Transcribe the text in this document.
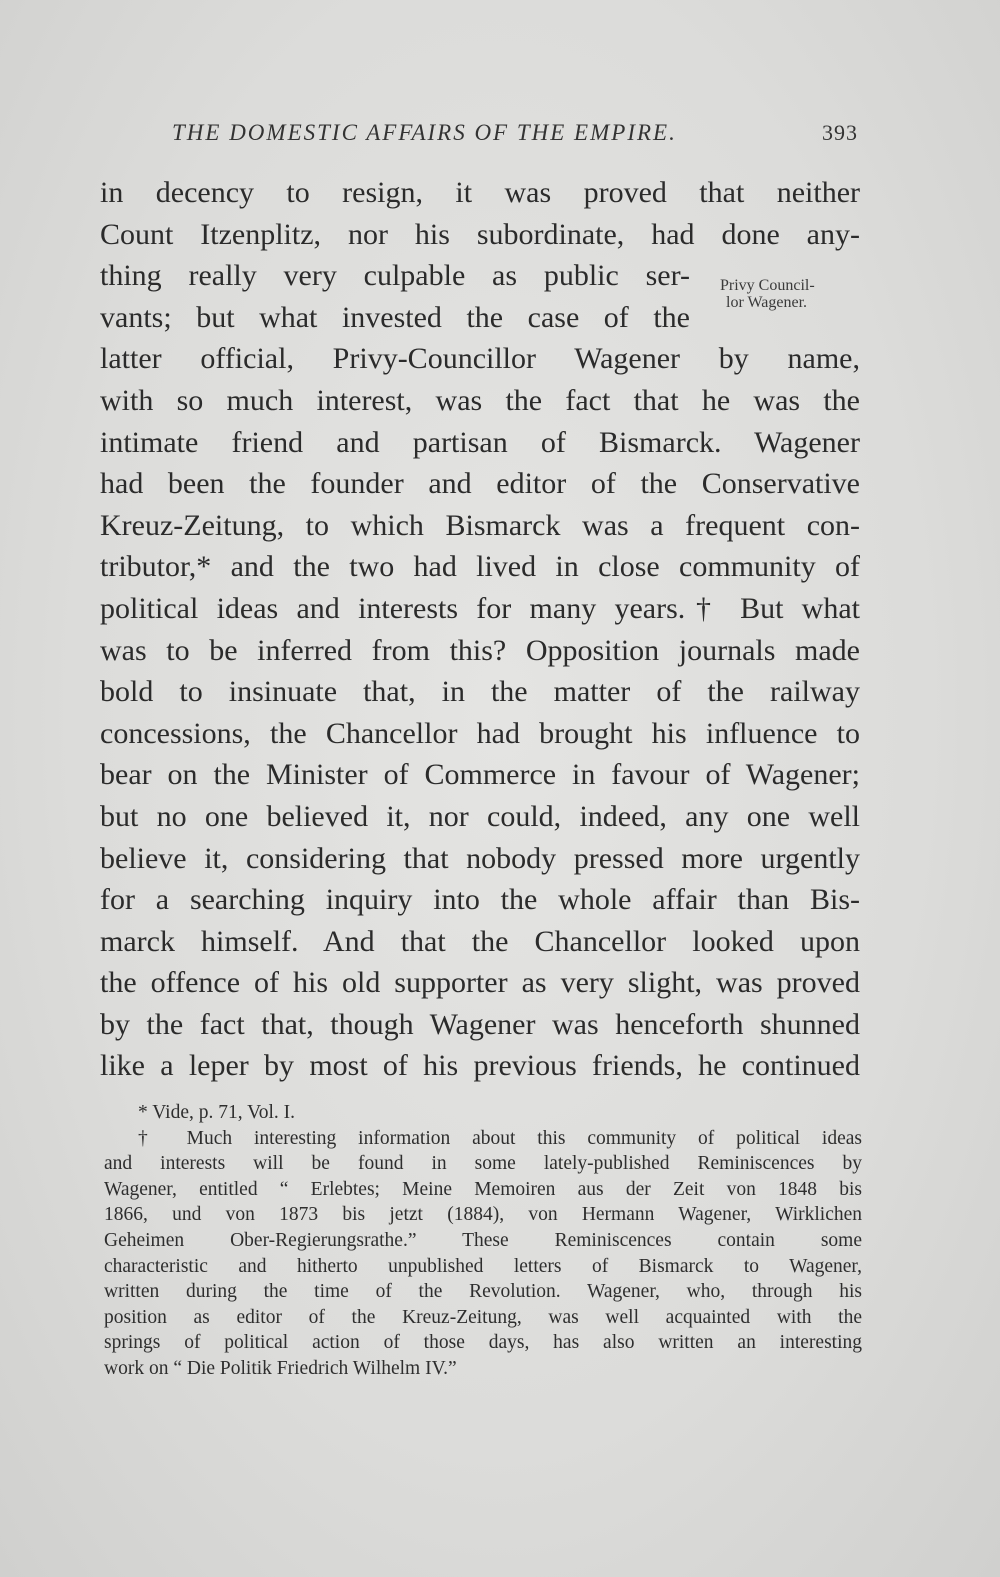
THE DOMESTIC AFFAIRS OF THE EMPIRE.	393
Privy Council-
lor Wagener.
in decency to resign, it was proved that neither
Count Itzenplitz, nor his subordinate, had done any-
thing really very culpable as public ser-
vants; but what invested the case of the
latter official, Privy-Councillor Wagener by name,
with so much interest, was the fact that he was the
intimate friend and partisan of Bismarck. Wagener
had been the founder and editor of the Conservative
Kreuz-Zeitung, to which Bismarck was a frequent con-
tributor,* and the two had lived in close community of
political ideas and interests for many years.† But what
was to be inferred from this? Opposition journals made
bold to insinuate that, in the matter of the railway
concessions, the Chancellor had brought his influence to
bear on the Minister of Commerce in favour of Wagener;
but no one believed it, nor could, indeed, any one well
believe it, considering that nobody pressed more urgently
for a searching inquiry into the whole affair than Bis-
marck himself. And that the Chancellor looked upon
the offence of his old supporter as very slight, was proved
by the fact that, though Wagener was henceforth shunned
like a leper by most of his previous friends, he continued
* Vide, p. 71, Vol. I.
† Much interesting information about this community of political ideas
and interests will be found in some lately-published Reminiscences by
Wagener, entitled “ Erlebtes; Meine Memoiren aus der Zeit von 1848 bis
1866, und von 1873 bis jetzt (1884), von Hermann Wagener, Wirklichen
Geheimen Ober-Regierungsrathe.” These Reminiscences contain some
characteristic and hitherto unpublished letters of Bismarck to Wagener,
written during the time of the Revolution. Wagener, who, through his
position as editor of the Kreuz-Zeitung, was well acquainted with the
springs of political action of those days, has also written an interesting
work on “ Die Politik Friedrich Wilhelm IV.”
